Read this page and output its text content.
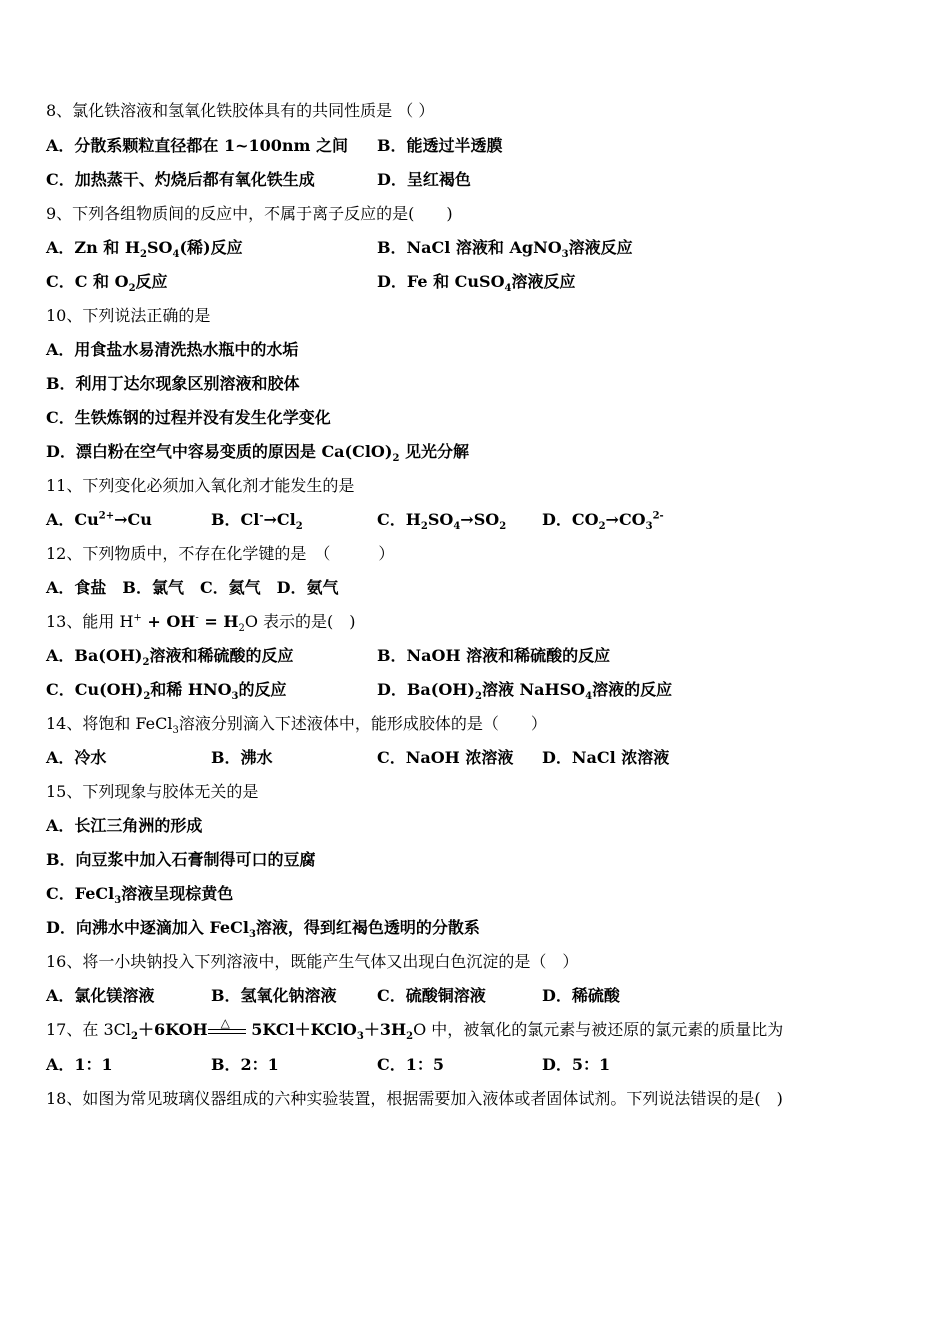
8、氯化铁溶液和氢氧化铁胶体具有的共同性质是 （ ）
A．分散系颗粒直径都在 1~100nm 之间 B．能透过半透膜
C．加热蒸干、灼烧后都有氧化铁生成	D．呈红褐色
9、下列各组物质间的反应中，不属于离子反应的是(　　)
A．Zn 和 $H_2SO_4$(稀)反应	B．NaCl 溶液和 AgNO$_3$溶液反应
C．C 和 $O_2$反应	D．Fe 和 CuSO$_4$溶液反应
10、下列说法正确的是
A．用食盐水易清洗热水瓶中的水垢
B．利用丁达尔现象区别溶液和胶体
C．生铁炼钢的过程并没有发生化学变化
D．漂白粉在空气中容易变质的原因是 $Ca(ClO)_2$ 见光分解
11、下列变化必须加入氧化剂才能发生的是
A．$Cu^{2+}\to Cu$	B．$Cl^-\to Cl_2$	C．$H_2SO_4\to SO_2$ D．$CO_2\to CO_3^{2-}$
12、下列物质中，不存在化学键的是　（　　　）
A．食盐　B．氯气　C．氦气　D．氨气
13、能用 $H^+ + OH^- = H_2O$ 表示的是(　)
A．$Ba(OH)_2$溶液和稀硫酸的反应	B．NaOH 溶液和稀硫酸的反应
C．$Cu(OH)_2$和稀 $HNO_3$的反应	D．$Ba(OH)_2$溶液 NaHSO$_4$溶液的反应
14、将饱和 FeCl$_3$溶液分别滴入下述液体中，能形成胶体的是（　　）
A．冷水	B．沸水	C．NaOH 浓溶液 D．NaCl 浓溶液
15、下列现象与胶体无关的是
A．长江三角洲的形成
B．向豆浆中加入石膏制得可口的豆腐
C．FeCl$_3$溶液呈现棕黄色
D．向沸水中逐滴加入 FeCl$_3$溶液，得到红褐色透明的分散系
16、将一小块钠投入下列溶液中，既能产生气体又出现白色沉淀的是（　）
A．氯化镁溶液	B．氢氧化钠溶液	C．硫酸铜溶液	D．稀硫酸
17、在 $3Cl_2+6KOH$ △ $5KCl+KClO_3+3H_2O$ 中，被氧化的氯元素与被还原的氯元素的质量比为
A．1：1	B．2：1	C．1：5	D．5：1
18、如图为常见玻璃仪器组成的六种实验装置，根据需要加入液体或者固体试剂。下列说法错误的是(　)
